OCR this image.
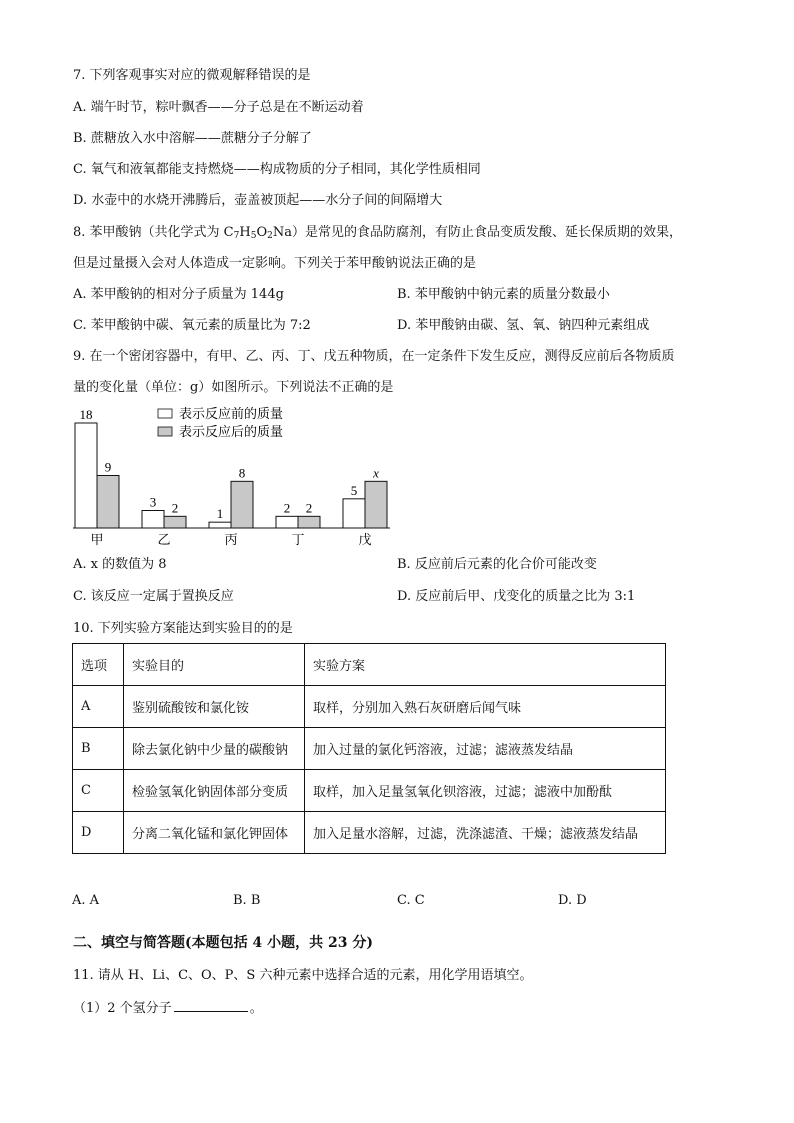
7. 下列客观事实对应的微观解释错误的是
A. 端午时节，粽叶飘香——分子总是在不断运动着
B. 蔗糖放入水中溶解——蔗糖分子分解了
C. 氧气和液氧都能支持燃烧——构成物质的分子相同，其化学性质相同
D. 水壶中的水烧开沸腾后，壶盖被顶起——水分子间的间隔增大
8. 苯甲酸钠（共化学式为 $C_7H_5O_2Na$）是常见的食品防腐剂，有防止食品变质发酸、延长保质期的效果，
但是过量摄入会对人体造成一定影响。下列关于苯甲酸钠说法正确的是
A. 苯甲酸钠的相对分子质量为 144g	B. 苯甲酸钠中钠元素的质量分数最小
C. 苯甲酸钠中碳、氧元素的质量比为 7:2	D. 苯甲酸钠由碳、氢、氧、钠四种元素组成
9. 在一个密闭容器中，有甲、乙、丙、丁、戊五种物质，在一定条件下发生反应，测得反应前后各物质质
量的变化量（单位：g）如图所示。下列说法不正确的是
18
9
3 2	1
8
2 2
5
x
表示反应前的质量
表示反应后的质量
甲	乙	丙	丁	戊
A. x 的数值为 8	B. 反应前后元素的化合价可能改变
C. 该反应一定属于置换反应	D. 反应前后甲、戊变化的质量之比为 3:1
10. 下列实验方案能达到实验目的的是
选项	实验目的	实验方案
A	鉴别硫酸铵和氯化铵	取样，分别加入熟石灰研磨后闻气味
B	除去氯化钠中少量的碳酸钠	加入过量的氯化钙溶液，过滤；滤液蒸发结晶
C	检验氢氧化钠固体部分变质	取样，加入足量氢氧化钡溶液，过滤；滤液中加酚酞
D	分离二氧化锰和氯化钾固体	加入足量水溶解，过滤，洗涤滤渣、干燥；滤液蒸发结晶
A. A	B. B	C. C	D. D
二、填空与简答题(本题包括 4 小题，共 23 分)
11. 请从 H、Li、C、O、P、S 六种元素中选择合适的元素，用化学用语填空。
（1）2 个氢分子	。
